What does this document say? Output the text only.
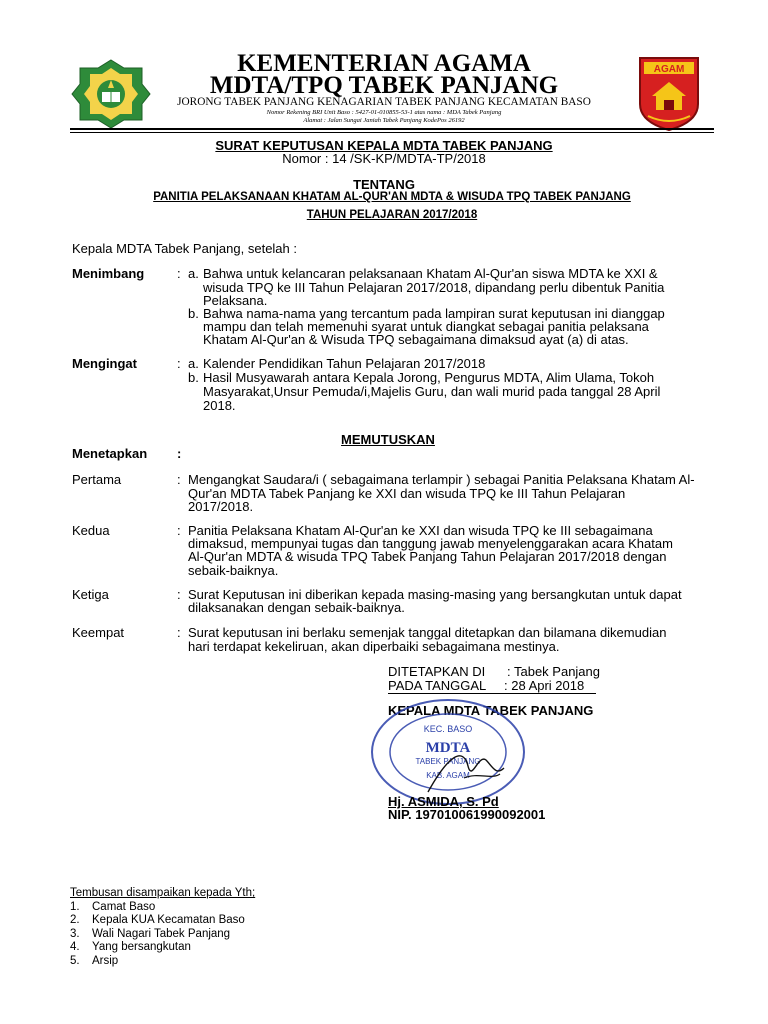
AGAM
KEMENTERIAN AGAMA
MDTA/TPQ TABEK PANJANG
JORONG TABEK PANJANG KENAGARIAN TABEK PANJANG KECAMATAN BASO
Nomor Rekening BRI Unit Baso : 5427-01-010855-53-1 atas nama : MDA Tabek Panjang
Alamat : Jalan Sungai Janiah Tabek Panjang KodePos 26192
SURAT KEPUTUSAN KEPALA MDTA TABEK PANJANG
Nomor : 14 /SK-KP/MDTA-TP/2018
TENTANG
PANITIA PELAKSANAAN KHATAM AL-QUR'AN MDTA & WISUDA TPQ TABEK PANJANG
TAHUN PELAJARAN 2017/2018
Kepala MDTA Tabek Panjang, setelah :
Menimbang	: a. Bahwa untuk kelancaran pelaksanaan Khatam Al-Qur'an siswa MDTA ke XXI &
wisuda TPQ ke III Tahun Pelajaran 2017/2018, dipandang perlu dibentuk Panitia
Pelaksana.
b. Bahwa nama-nama yang tercantum pada lampiran surat keputusan ini dianggap
mampu dan telah memenuhi syarat untuk diangkat sebagai panitia pelaksana
Khatam Al-Qur'an & Wisuda TPQ sebagaimana dimaksud ayat (a) di atas.
Mengingat	: a. Kalender Pendidikan Tahun Pelajaran 2017/2018
b. Hasil Musyawarah antara Kepala Jorong, Pengurus MDTA, Alim Ulama, Tokoh
Masyarakat,Unsur Pemuda/i,Majelis Guru, dan wali murid pada tanggal 28 April
2018.
MEMUTUSKAN
Menetapkan :
Pertama	: Mengangkat Saudara/i ( sebagaimana terlampir ) sebagai Panitia Pelaksana Khatam Al-
Qur'an MDTA Tabek Panjang ke XXI dan wisuda TPQ ke III Tahun Pelajaran
2017/2018.
Kedua	: Panitia Pelaksana Khatam Al-Qur'an ke XXI dan wisuda TPQ ke III sebagaimana
dimaksud, mempunyai tugas dan tanggung jawab menyelenggarakan acara Khatam
Al-Qur'an MDTA & wisuda TPQ Tabek Panjang Tahun Pelajaran 2017/2018 dengan
sebaik-baiknya.
Ketiga	: Surat Keputusan ini diberikan kepada masing-masing yang bersangkutan untuk dapat
dilaksanakan dengan sebaik-baiknya.
Keempat	: Surat keputusan ini berlaku semenjak tanggal ditetapkan dan bilamana dikemudian
hari terdapat kekeliruan, akan diperbaiki sebagaimana mestinya.
DITETAPKAN DI : Tabek Panjang
PADA TANGGAL	: 28 Apri 2018
KEPALA MDTA TABEK PANJANG
KEC. BASO
MDTA
TABEK PANJANG
KAB. AGAM
Hj. ASMIDA, S. Pd
NIP. 197010061990092001
Tembusan disampaikan kepada Yth;
1. Camat Baso
2. Kepala KUA Kecamatan Baso
3. Wali Nagari Tabek Panjang
4. Yang bersangkutan
5. Arsip
